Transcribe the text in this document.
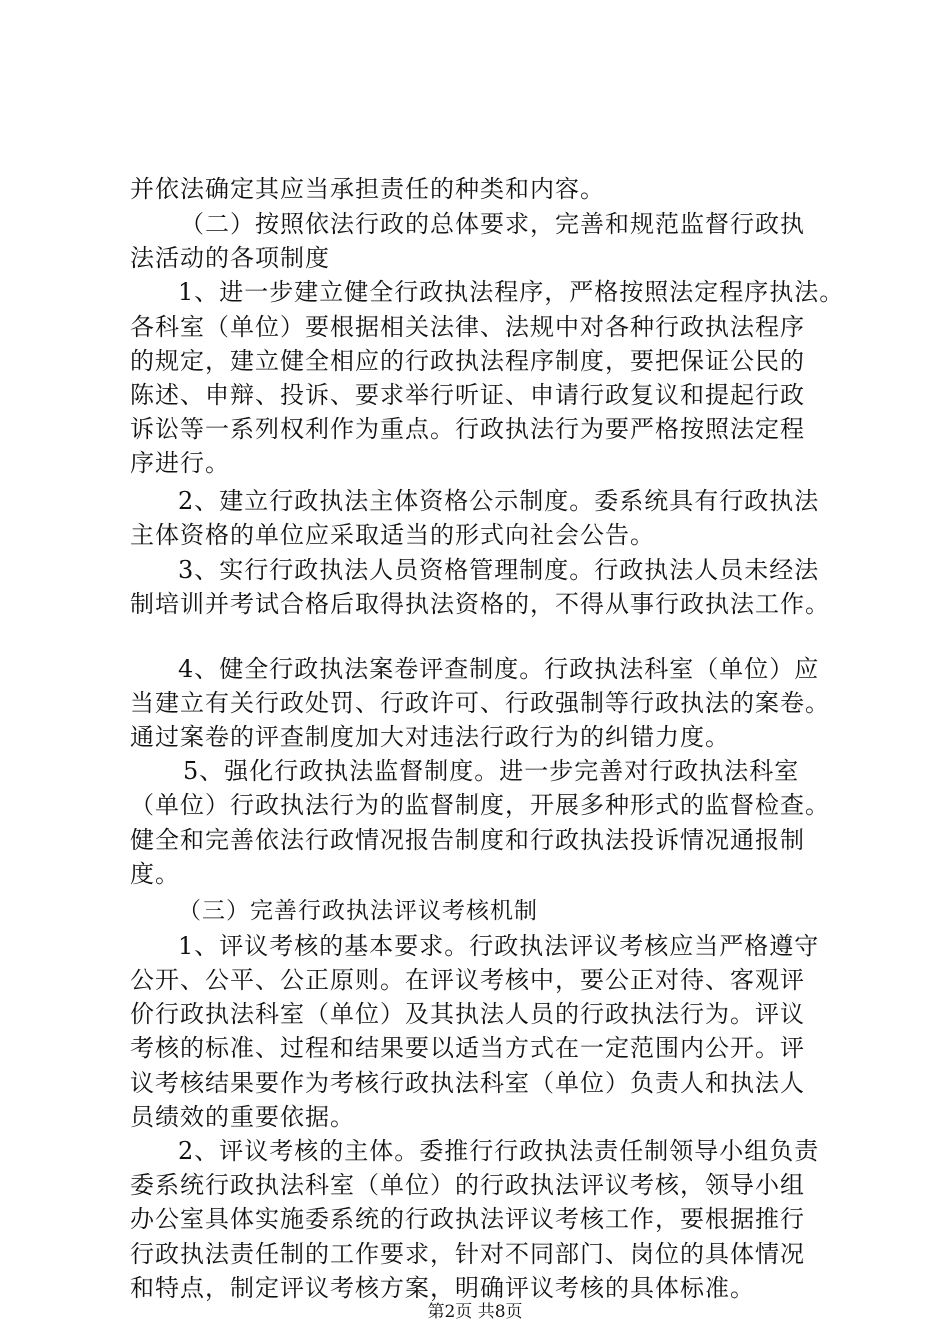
并依法确定其应当承担责任的种类和内容。
（二）按照依法行政的总体要求，完善和规范监督行政执
法活动的各项制度
1、进一步建立健全行政执法程序，严格按照法定程序执法。
各科室（单位）要根据相关法律、法规中对各种行政执法程序
的规定，建立健全相应的行政执法程序制度，要把保证公民的
陈述、申辩、投诉、要求举行听证、申请行政复议和提起行政
诉讼等一系列权利作为重点。行政执法行为要严格按照法定程
序进行。
2、建立行政执法主体资格公示制度。委系统具有行政执法
主体资格的单位应采取适当的形式向社会公告。
3、实行行政执法人员资格管理制度。行政执法人员未经法
制培训并考试合格后取得执法资格的，不得从事行政执法工作。
4、健全行政执法案卷评查制度。行政执法科室（单位）应
当建立有关行政处罚、行政许可、行政强制等行政执法的案卷。
通过案卷的评查制度加大对违法行政行为的纠错力度。
5、强化行政执法监督制度。进一步完善对行政执法科室
（单位）行政执法行为的监督制度，开展多种形式的监督检查。
健全和完善依法行政情况报告制度和行政执法投诉情况通报制
度。
（三）完善行政执法评议考核机制
1、评议考核的基本要求。行政执法评议考核应当严格遵守
公开、公平、公正原则。在评议考核中，要公正对待、客观评
价行政执法科室（单位）及其执法人员的行政执法行为。评议
考核的标准、过程和结果要以适当方式在一定范围内公开。评
议考核结果要作为考核行政执法科室（单位）负责人和执法人
员绩效的重要依据。
2、评议考核的主体。委推行行政执法责任制领导小组负责
委系统行政执法科室（单位）的行政执法评议考核，领导小组
办公室具体实施委系统的行政执法评议考核工作，要根据推行
行政执法责任制的工作要求，针对不同部门、岗位的具体情况
和特点，制定评议考核方案，明确评议考核的具体标准。
第2页 共8页
